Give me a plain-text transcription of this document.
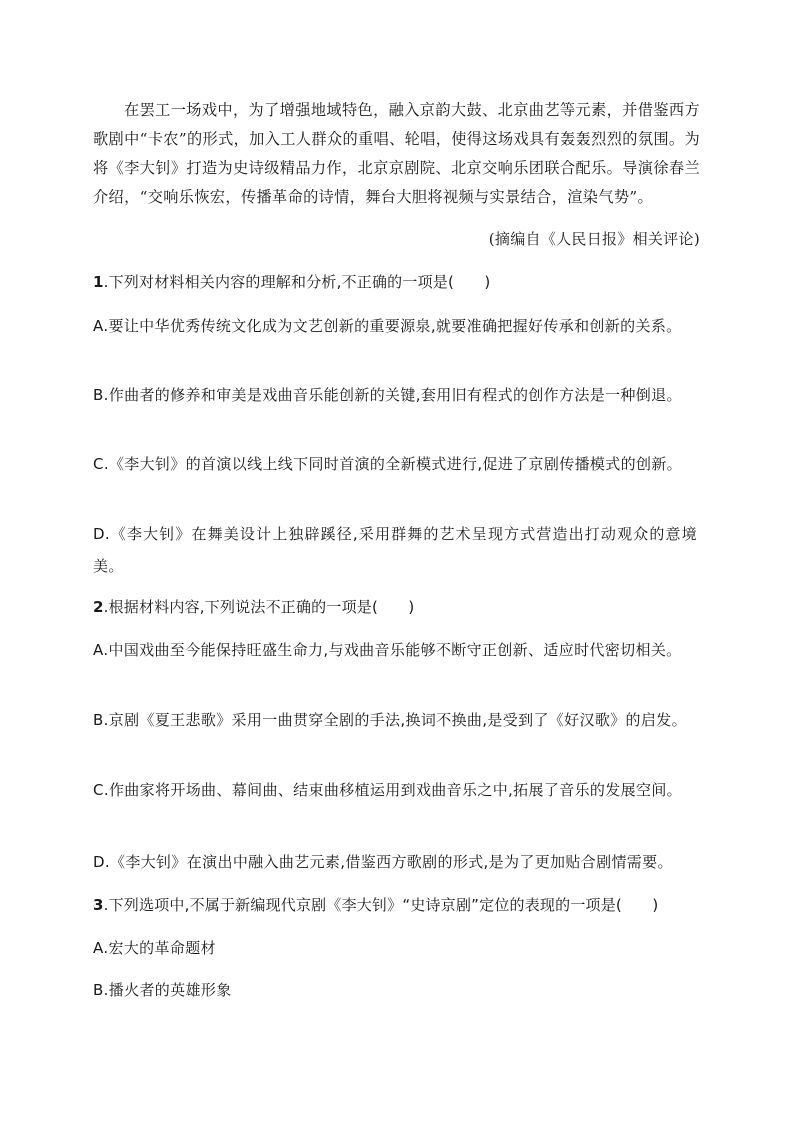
在罢工一场戏中，为了增强地域特色，融入京韵大鼓、北京曲艺等元素，并借鉴西方歌剧中“卡农”的形式，加入工人群众的重唱、轮唱，使得这场戏具有轰轰烈烈的氛围。为将《李大钊》打造为史诗级精品力作，北京京剧院、北京交响乐团联合配乐。导演徐春兰介绍，“交响乐恢宏，传播革命的诗情，舞台大胆将视频与实景结合，渲染气势”。

(摘编自《人民日报》相关评论)

1.下列对材料相关内容的理解和分析,不正确的一项是(　　)

A.要让中华优秀传统文化成为文艺创新的重要源泉,就要准确把握好传承和创新的关系。

B.作曲者的修养和审美是戏曲音乐能创新的关键,套用旧有程式的创作方法是一种倒退。

C.《李大钊》的首演以线上线下同时首演的全新模式进行,促进了京剧传播模式的创新。

D.《李大钊》在舞美设计上独辟蹊径,采用群舞的艺术呈现方式营造出打动观众的意境美。

2.根据材料内容,下列说法不正确的一项是(　　)

A.中国戏曲至今能保持旺盛生命力,与戏曲音乐能够不断守正创新、适应时代密切相关。

B.京剧《夏王悲歌》采用一曲贯穿全剧的手法,换词不换曲,是受到了《好汉歌》的启发。

C.作曲家将开场曲、幕间曲、结束曲移植运用到戏曲音乐之中,拓展了音乐的发展空间。

D.《李大钊》在演出中融入曲艺元素,借鉴西方歌剧的形式,是为了更加贴合剧情需要。

3.下列选项中,不属于新编现代京剧《李大钊》“史诗京剧”定位的表现的一项是(　　)

A.宏大的革命题材

B.播火者的英雄形象
